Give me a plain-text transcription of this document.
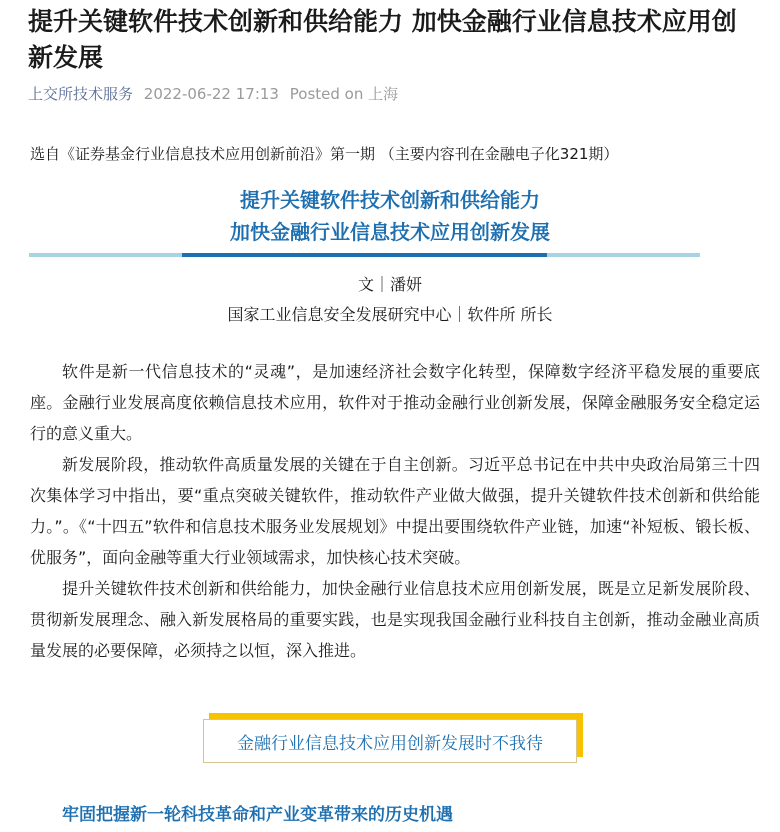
提升关键软件技术创新和供给能力 加快金融行业信息技术应用创新发展
上交所技术服务 2022-06-22 17:13 Posted on 上海
选自《证券基金行业信息技术应用创新前沿》第一期 （主要内容刊在金融电子化321期）
提升关键软件技术创新和供给能力
加快金融行业信息技术应用创新发展
文｜潘妍
国家工业信息安全发展研究中心｜软件所 所长

软件是新一代信息技术的“灵魂”，是加速经济社会数字化转型，保障数字经济平稳发展的重要底座。金融行业发展高度依赖信息技术应用，软件对于推动金融行业创新发展，保障金融服务安全稳定运行的意义重大。

新发展阶段，推动软件高质量发展的关键在于自主创新。习近平总书记在中共中央政治局第三十四次集体学习中指出，要“重点突破关键软件，推动软件产业做大做强，提升关键软件技术创新和供给能力。”。《“十四五”软件和信息技术服务业发展规划》中提出要围绕软件产业链，加速“补短板、锻长板、优服务”，面向金融等重大行业领域需求，加快核心技术突破。

提升关键软件技术创新和供给能力，加快金融行业信息技术应用创新发展，既是立足新发展阶段、贯彻新发展理念、融入新发展格局的重要实践，也是实现我国金融行业科技自主创新，推动金融业高质量发展的必要保障，必须持之以恒，深入推进。

金融行业信息技术应用创新发展时不我待
牢固把握新一轮科技革命和产业变革带来的历史机遇
